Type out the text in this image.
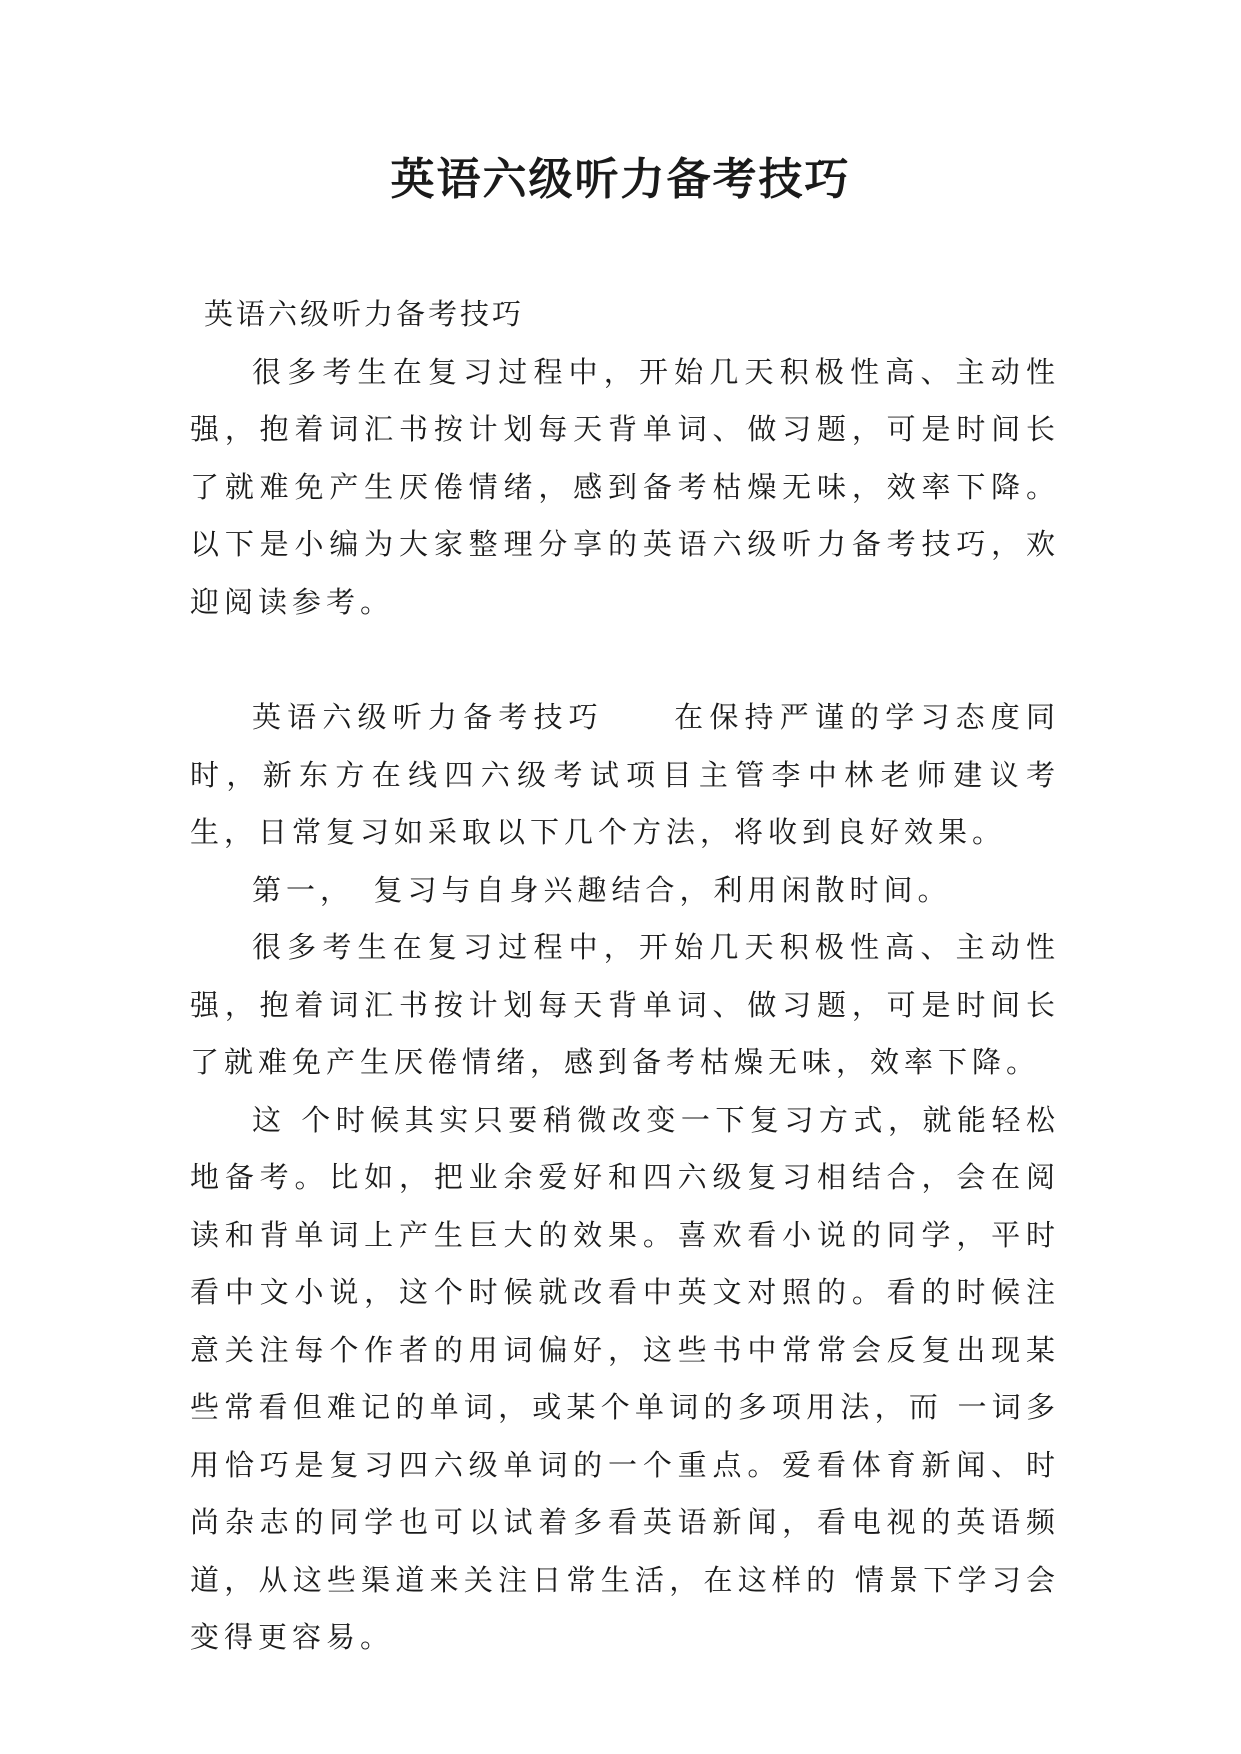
英语六级听力备考技巧

英语六级听力备考技巧

很多考生在复习过程中，开始几天积极性高、主动性强，抱着词汇书按计划每天背单词、做习题，可是时间长了就难免产生厌倦情绪，感到备考枯燥无味，效率下降。以下是小编为大家整理分享的英语六级听力备考技巧，欢迎阅读参考。

英语六级听力备考技巧　　在保持严谨的学习态度同时，新东方在线四六级考试项目主管李中林老师建议考生，日常复习如采取以下几个方法，将收到良好效果。

第一，　复习与自身兴趣结合，利用闲散时间。

很多考生在复习过程中，开始几天积极性高、主动性强，抱着词汇书按计划每天背单词、做习题，可是时间长了就难免产生厌倦情绪，感到备考枯燥无味，效率下降。

这 个时候其实只要稍微改变一下复习方式，就能轻松地备考。比如，把业余爱好和四六级复习相结合，会在阅读和背单词上产生巨大的效果。喜欢看小说的同学，平时 看中文小说，这个时候就改看中英文对照的。看的时候注意关注每个作者的用词偏好，这些书中常常会反复出现某些常看但难记的单词，或某个单词的多项用法，而 一词多用恰巧是复习四六级单词的一个重点。爱看体育新闻、时尚杂志的同学也可以试着多看英语新闻，看电视的英语频道，从这些渠道来关注日常生活，在这样的 情景下学习会变得更容易。
